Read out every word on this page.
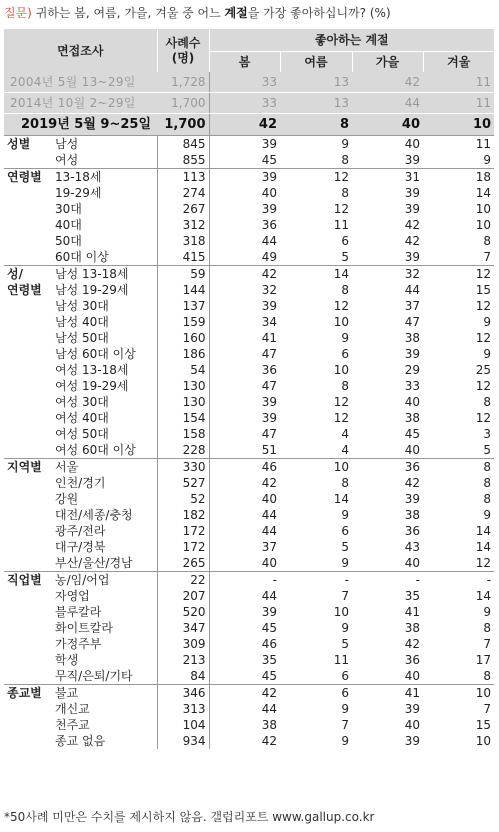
질문) 귀하는 봄, 여름, 가을, 겨울 중 어느 계절을 가장 좋아하십니까? (%)
면접조사		사례수
(명)	좋아하는 계절			
			봄	여름	가을	겨울
2004년 5월 13~29일		1,728	33	13	42	11
2014년 10월 2~29일		1,700	33	13	44	11
2019년 5월 9~25일		1,700	42	8	40	10
성별	남성	845	39	9	40	11
	여성	855	45	8	39	9
연령별	13-18세	113	39	12	31	18
	19-29세	274	40	8	39	14
	30대	267	39	12	39	10
	40대	312	36	11	42	10
	50대	318	44	6	42	8
	60대 이상	415	49	5	39	7
성/
연령별	남성 13-18세	59	42	14	32	12
	남성 19-29세	144	32	8	44	15
	남성 30대	137	39	12	37	12
	남성 40대	159	34	10	47	9
	남성 50대	160	41	9	38	12
	남성 60대 이상	186	47	6	39	9
	여성 13-18세	54	36	10	29	25
	여성 19-29세	130	47	8	33	12
	여성 30대	130	39	12	40	8
	여성 40대	154	39	12	38	12
	여성 50대	158	47	4	45	3
	여성 60대 이상	228	51	4	40	5
지역별	서울	330	46	10	36	8
	인천/경기	527	42	8	42	8
	강원	52	40	14	39	8
	대전/세종/충청	182	44	9	38	9
	광주/전라	172	44	6	36	14
	대구/경북	172	37	5	43	14
	부산/울산/경남	265	40	9	40	12
직업별	농/임/어업	22	-	-	-	-
	자영업	207	44	7	35	14
	블루칼라	520	39	10	41	9
	화이트칼라	347	45	9	38	8
	가정주부	309	46	5	42	7
	학생	213	35	11	36	17
	무직/은퇴/기타	84	45	6	40	8
종교별	불교	346	42	6	41	10
	개신교	313	44	9	39	7
	천주교	104	38	7	40	15
	종교 없음	934	42	9	39	10
*50사례 미만은 수치를 제시하지 않음. 갤럽리포트 www.gallup.co.kr
